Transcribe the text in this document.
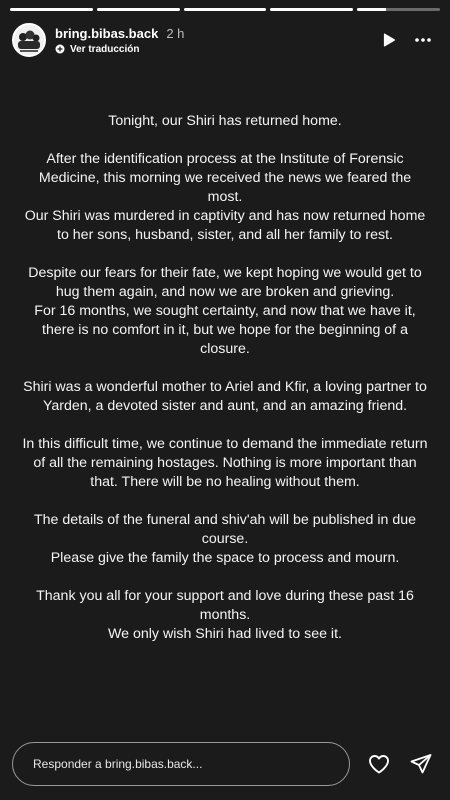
bring.bibas.back 2 h
Ver traducción
Tonight, our Shiri has returned home.
After the identification process at the Institute of Forensic
Medicine, this morning we received the news we feared the most.
Our Shiri was murdered in captivity and has now returned home
to her sons, husband, sister, and all her family to rest.
Despite our fears for their fate, we kept hoping we would get to
hug them again, and now we are broken and grieving.
For 16 months, we sought certainty, and now that we have it,
there is no comfort in it, but we hope for the beginning of a
closure.
Shiri was a wonderful mother to Ariel and Kfir, a loving partner to
Yarden, a devoted sister and aunt, and an amazing friend.
In this difficult time, we continue to demand the immediate return
of all the remaining hostages. Nothing is more important than
that. There will be no healing without them.
The details of the funeral and shiv'ah will be published in due
course.
Please give the family the space to process and mourn.
Thank you all for your support and love during these past 16
months.
We only wish Shiri had lived to see it.
Responder a bring.bibas.back...
